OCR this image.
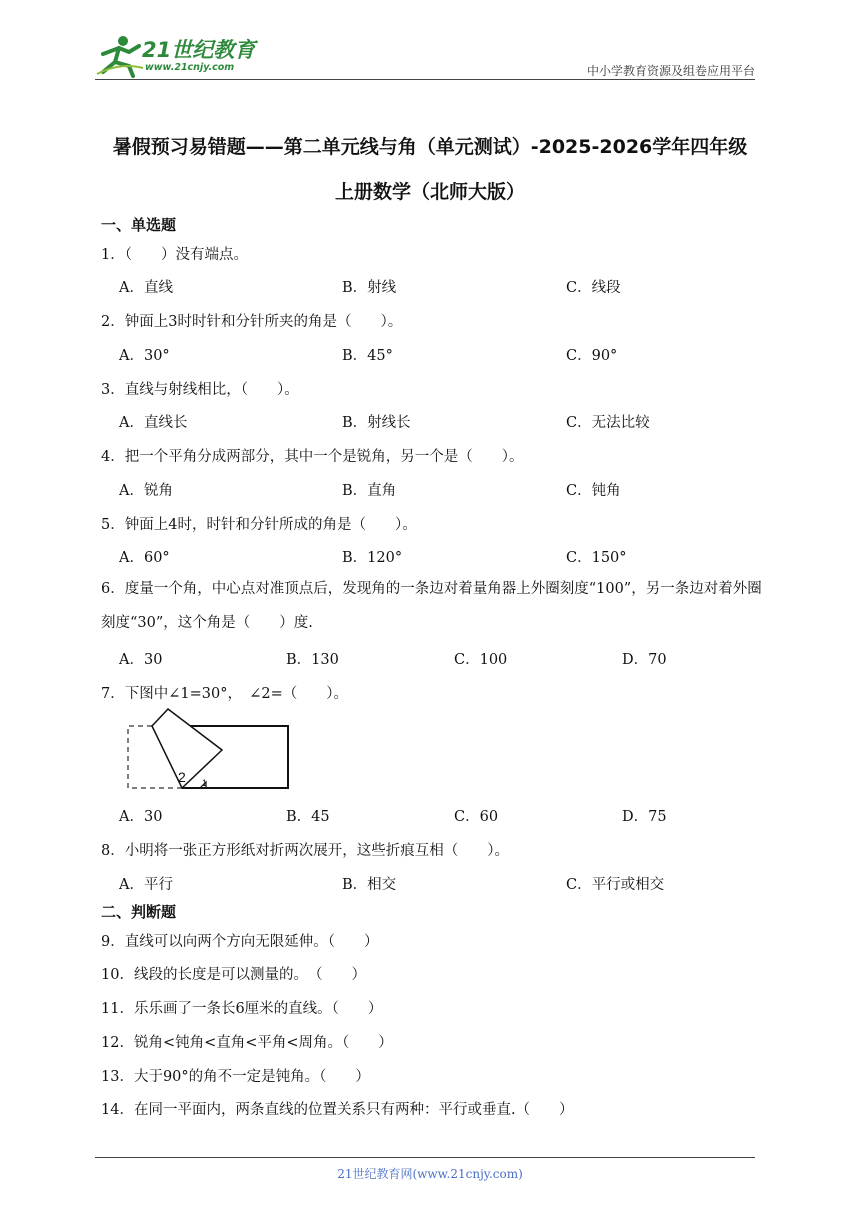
21世纪教育
www.21cnjy.com	中小学教育资源及组卷应用平台
暑假预习易错题——第二单元线与角（单元测试）-2025-2026学年四年级
上册数学（北师大版）
一、单选题
1．（　　）没有端点。
A．直线	B．射线	C．线段
2．钟面上3时时针和分针所夹的角是（　　）。
A．30°	B．45°	C．90°
3．直线与射线相比，（　　）。
A．直线长	B．射线长	C．无法比较
4．把一个平角分成两部分，其中一个是锐角，另一个是（　　）。
A．锐角	B．直角	C．钝角
5．钟面上4时，时针和分针所成的角是（　　）。
A．60°	B．120°	C．150°
6．度量一个角，中心点对准顶点后，发现角的一条边对着量角器上外圈刻度“100”，另一条边对着外圈刻度“30”，这个角是（　　）度.
A．30	B．130	C．100	D．70
7．下图中∠1=30°，　∠2=（　　）。
2 1
A．30	B．45	C．60	D．75
8．小明将一张正方形纸对折两次展开，这些折痕互相（　　）。
A．平行	B．相交	C．平行或相交
二、判断题
9．直线可以向两个方向无限延伸。（　　）
10．线段的长度是可以测量的。　（　　）
11．乐乐画了一条长6厘米的直线。（　　）
12．锐角<钝角<直角<平角<周角。（　　）
13．大于90°的角不一定是钝角。（　　）
14．在同一平面内，两条直线的位置关系只有两种：平行或垂直.（　　）
21世纪教育网(www.21cnjy.com)
